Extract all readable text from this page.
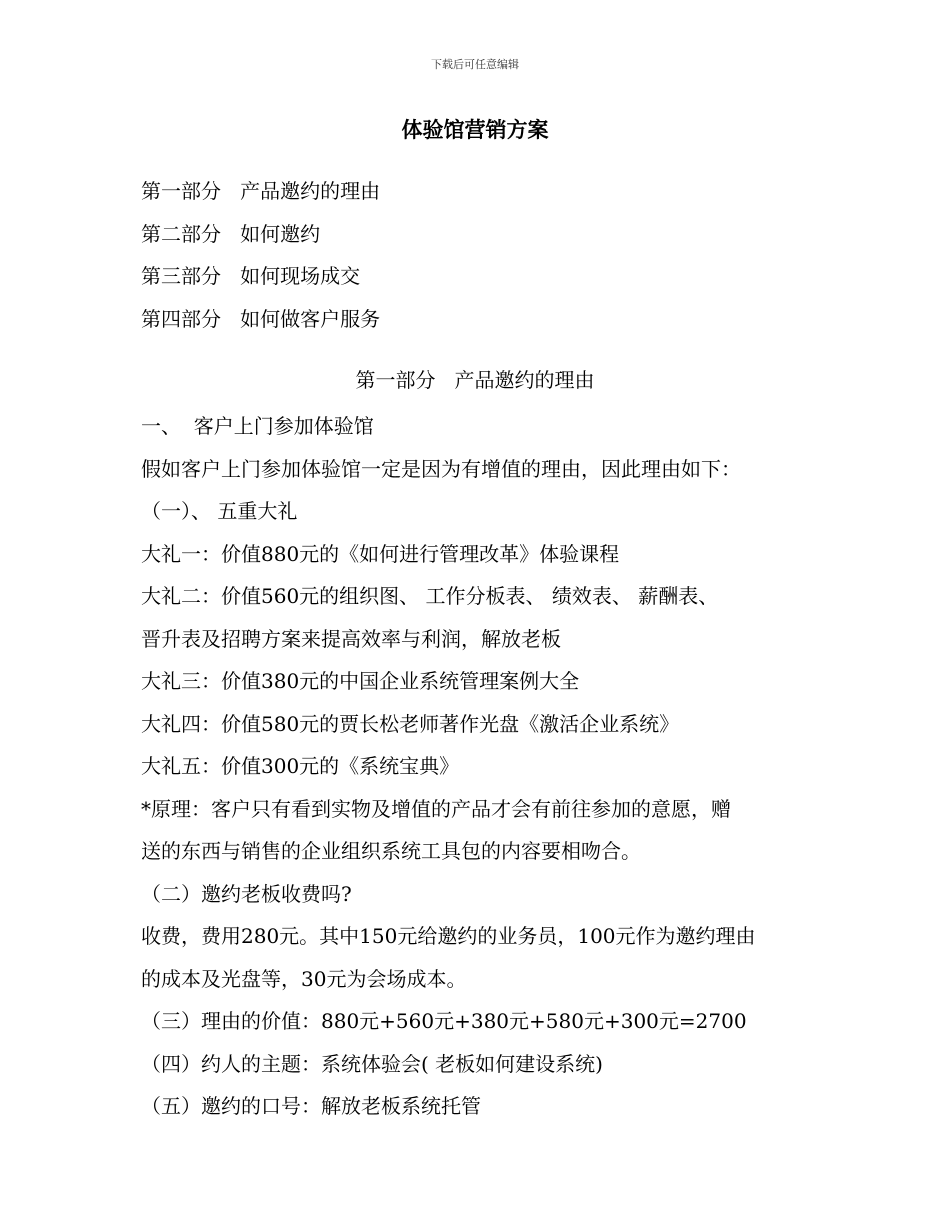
下载后可任意编辑
体验馆营销方案
第一部分 产品邀约的理由
第二部分 如何邀约
第三部分 如何现场成交
第四部分 如何做客户服务
第一部分 产品邀约的理由
一、  客户上门参加体验馆
假如客户上门参加体验馆一定是因为有增值的理由，因此理由如下：
（一）、 五重大礼
大礼一：价值880元的《如何进行管理改革》体验课程
大礼二：价值560元的组织图、 工作分板表、 绩效表、 薪酬表、
晋升表及招聘方案来提高效率与利润，解放老板
大礼三：价值380元的中国企业系统管理案例大全
大礼四：价值580元的贾长松老师著作光盘《激活企业系统》
大礼五：价值300元的《系统宝典》
*原理：客户只有看到实物及增值的产品才会有前往参加的意愿，赠
送的东西与销售的企业组织系统工具包的内容要相吻合。
（二）邀约老板收费吗?
收费，费用280元。其中150元给邀约的业务员，100元作为邀约理由
的成本及光盘等，30元为会场成本。
（三）理由的价值：880元+560元+380元+580元+300元=2700
（四）约人的主题：系统体验会( 老板如何建设系统)
（五）邀约的口号：解放老板系统托管
